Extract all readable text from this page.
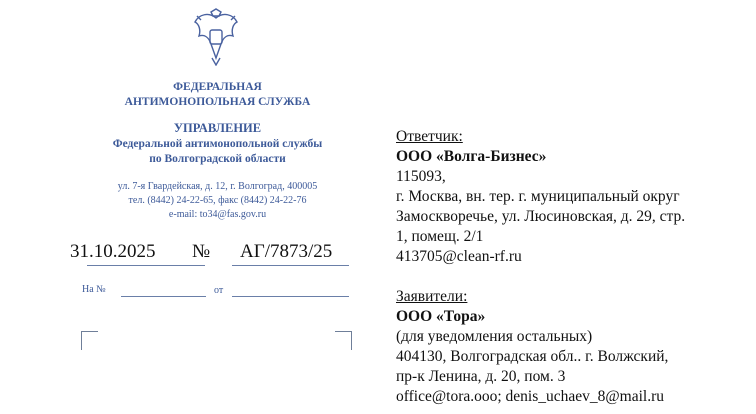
ФЕДЕРАЛЬНАЯ
АНТИМОНОПОЛЬНАЯ СЛУЖБА
УПРАВЛЕНИЕ
Федеральной антимонопольной службы
по Волгоградской области
ул. 7-я Гвардейская, д. 12, г. Волгоград, 400005
тел. (8442) 24-22-65, факс (8442) 24-22-76
e-mail: to34@fas.gov.ru
31.10.2025 № АГ/7873/25
На №	от
Ответчик:
ООО «Волга-Бизнес»
115093,
г. Москва, вн. тер. г. муниципальный округ
Замоскворечье, ул. Люсиновская, д. 29, стр.
1, помещ. 2/1
413705@clean-rf.ru
Заявители:
ООО «Тора»
(для уведомления остальных)
404130, Волгоградская обл.. г. Волжский,
пр-к Ленина, д. 20, пом. 3
office@tora.ooo; denis_uchaev_8@mail.ru
